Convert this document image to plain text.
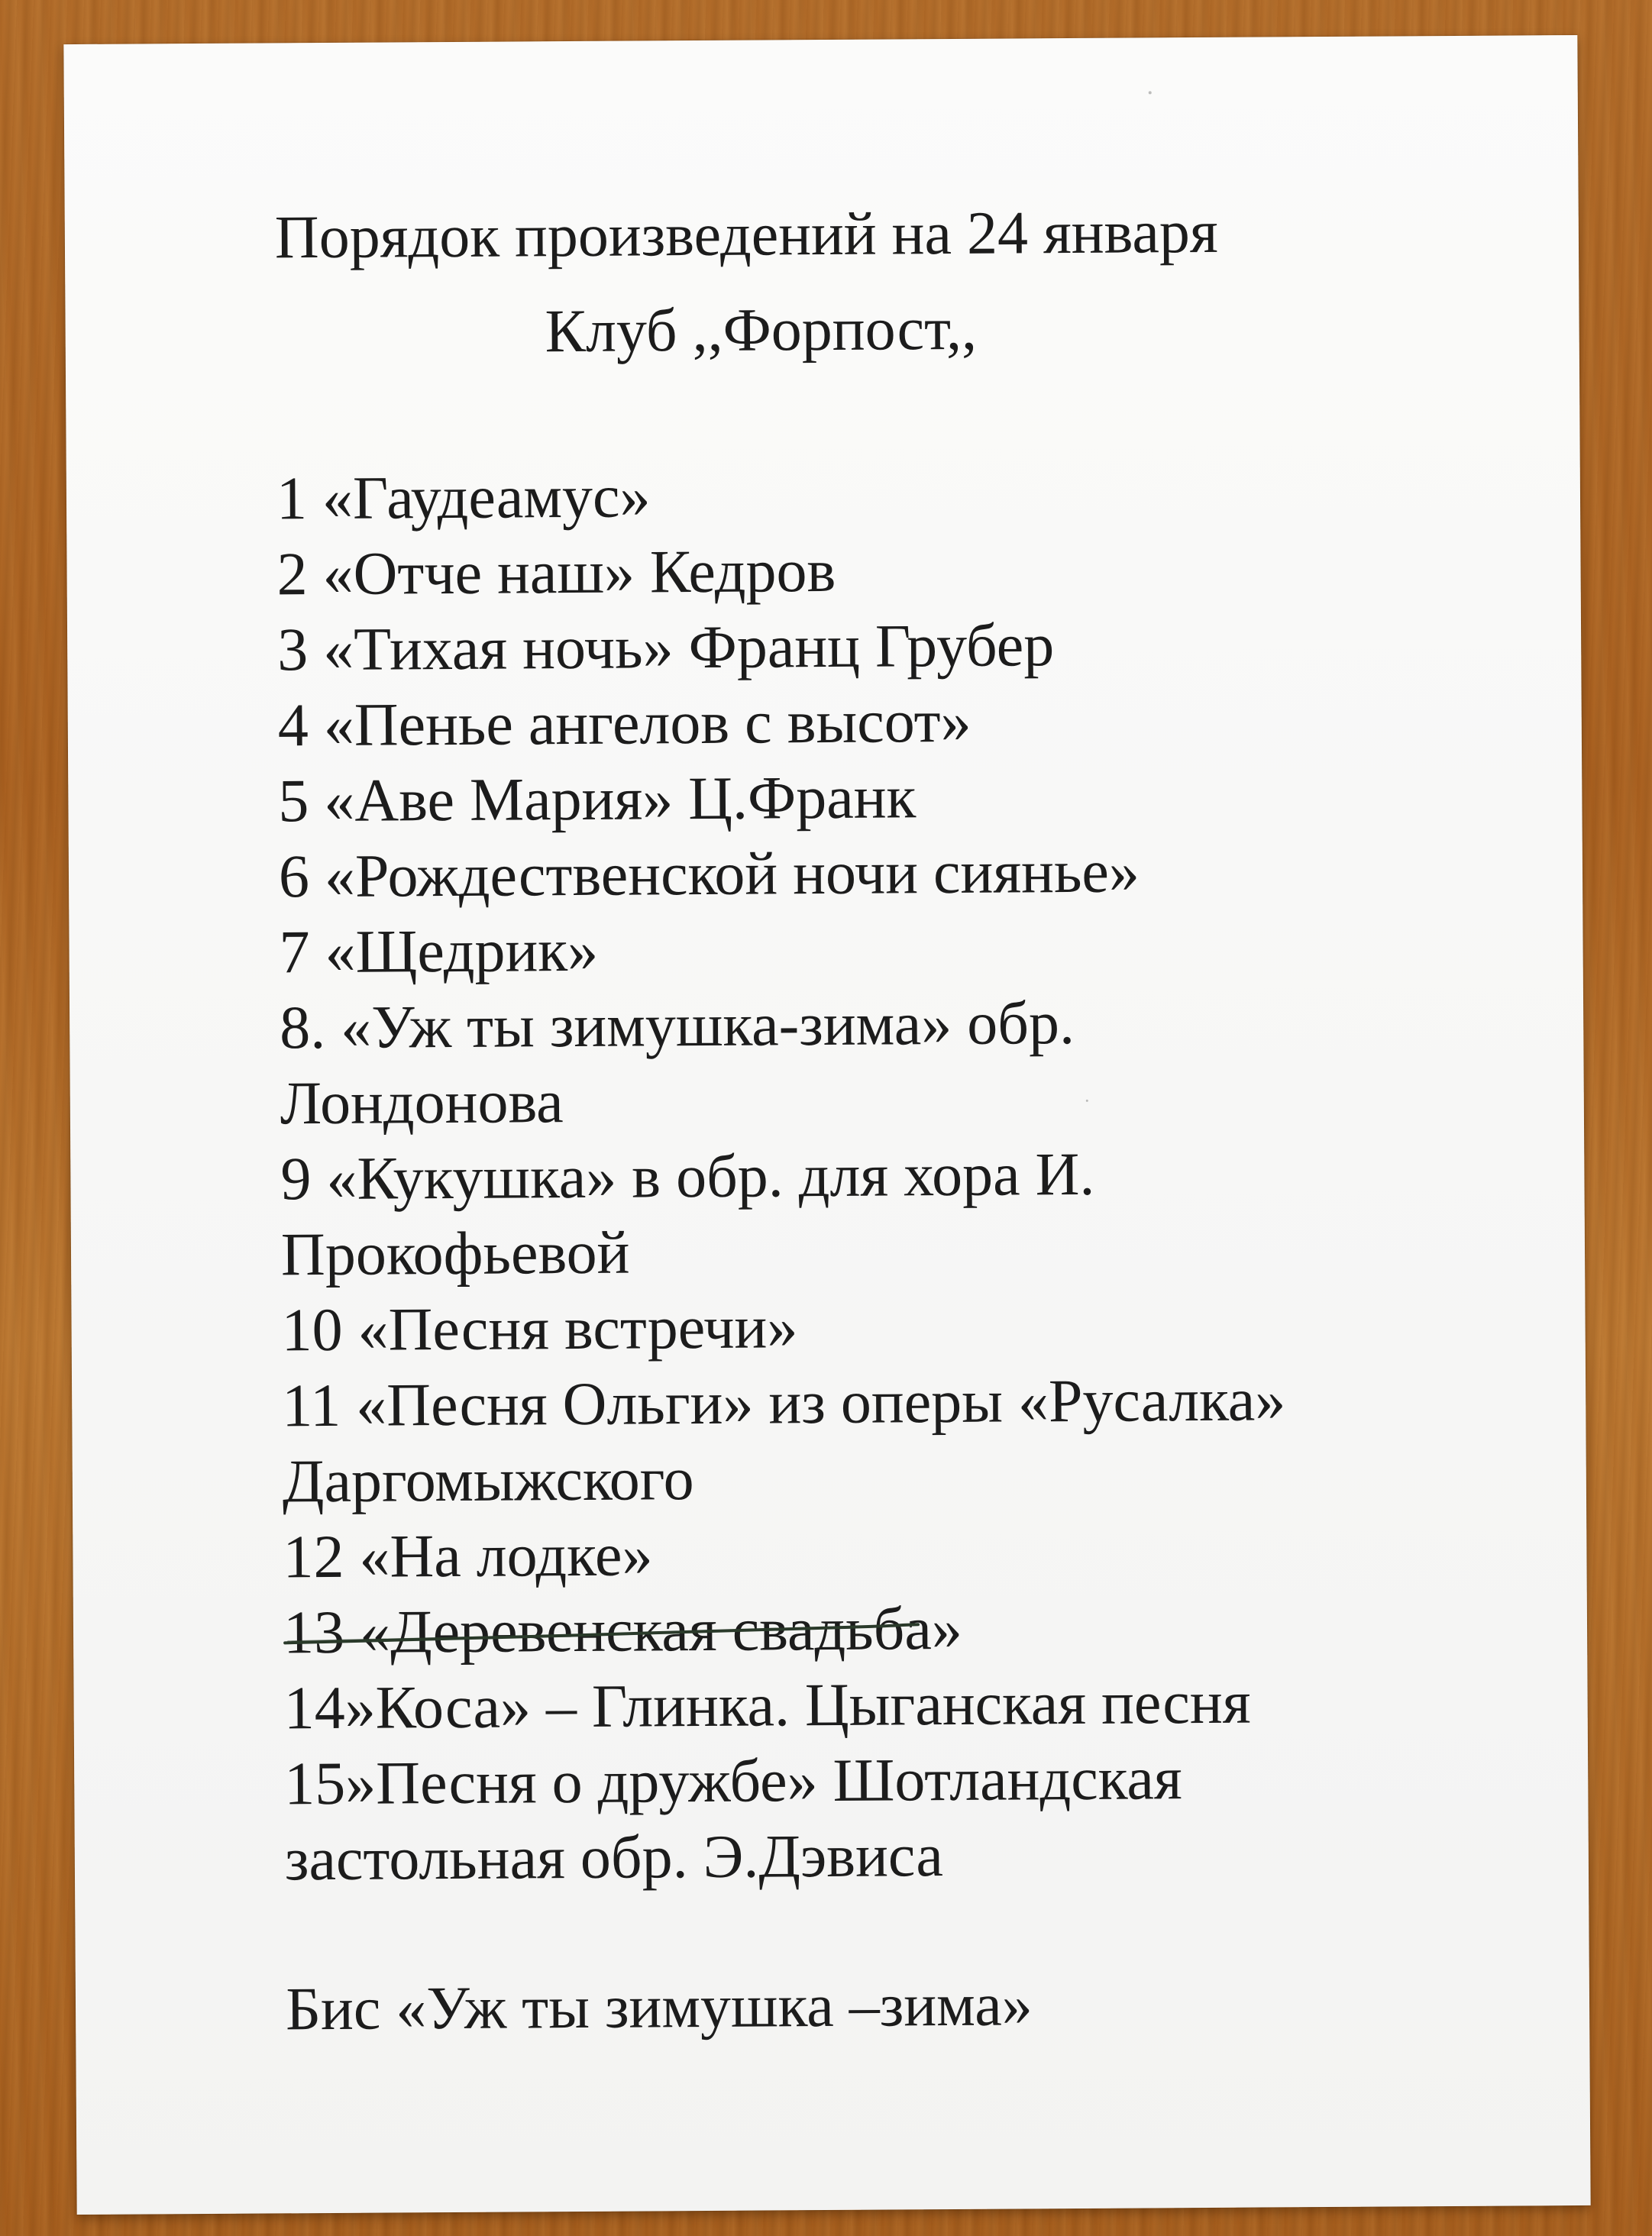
Порядок произведений на 24 января
Клуб ,,Форпост,,
1 «Гаудеамус»
2 «Отче наш» Кедров
3 «Тихая ночь» Франц Грубер
4 «Пенье ангелов с высот»
5 «Аве Мария» Ц.Франк
6 «Рождественской ночи сиянье»
7 «Щедрик»
8. «Уж ты зимушка-зима» обр.
Лондонова
9 «Кукушка» в обр. для хора И.
Прокофьевой
10 «Песня встречи»
11 «Песня Ольги» из оперы «Русалка»
Даргомыжского
12 «На лодке»
13 «Деревенская свадьба»
14»Коса» – Глинка. Цыганская песня
15»Песня о дружбе» Шотландская
застольная обр. Э.Дэвиса
Бис «Уж ты зимушка –зима»
